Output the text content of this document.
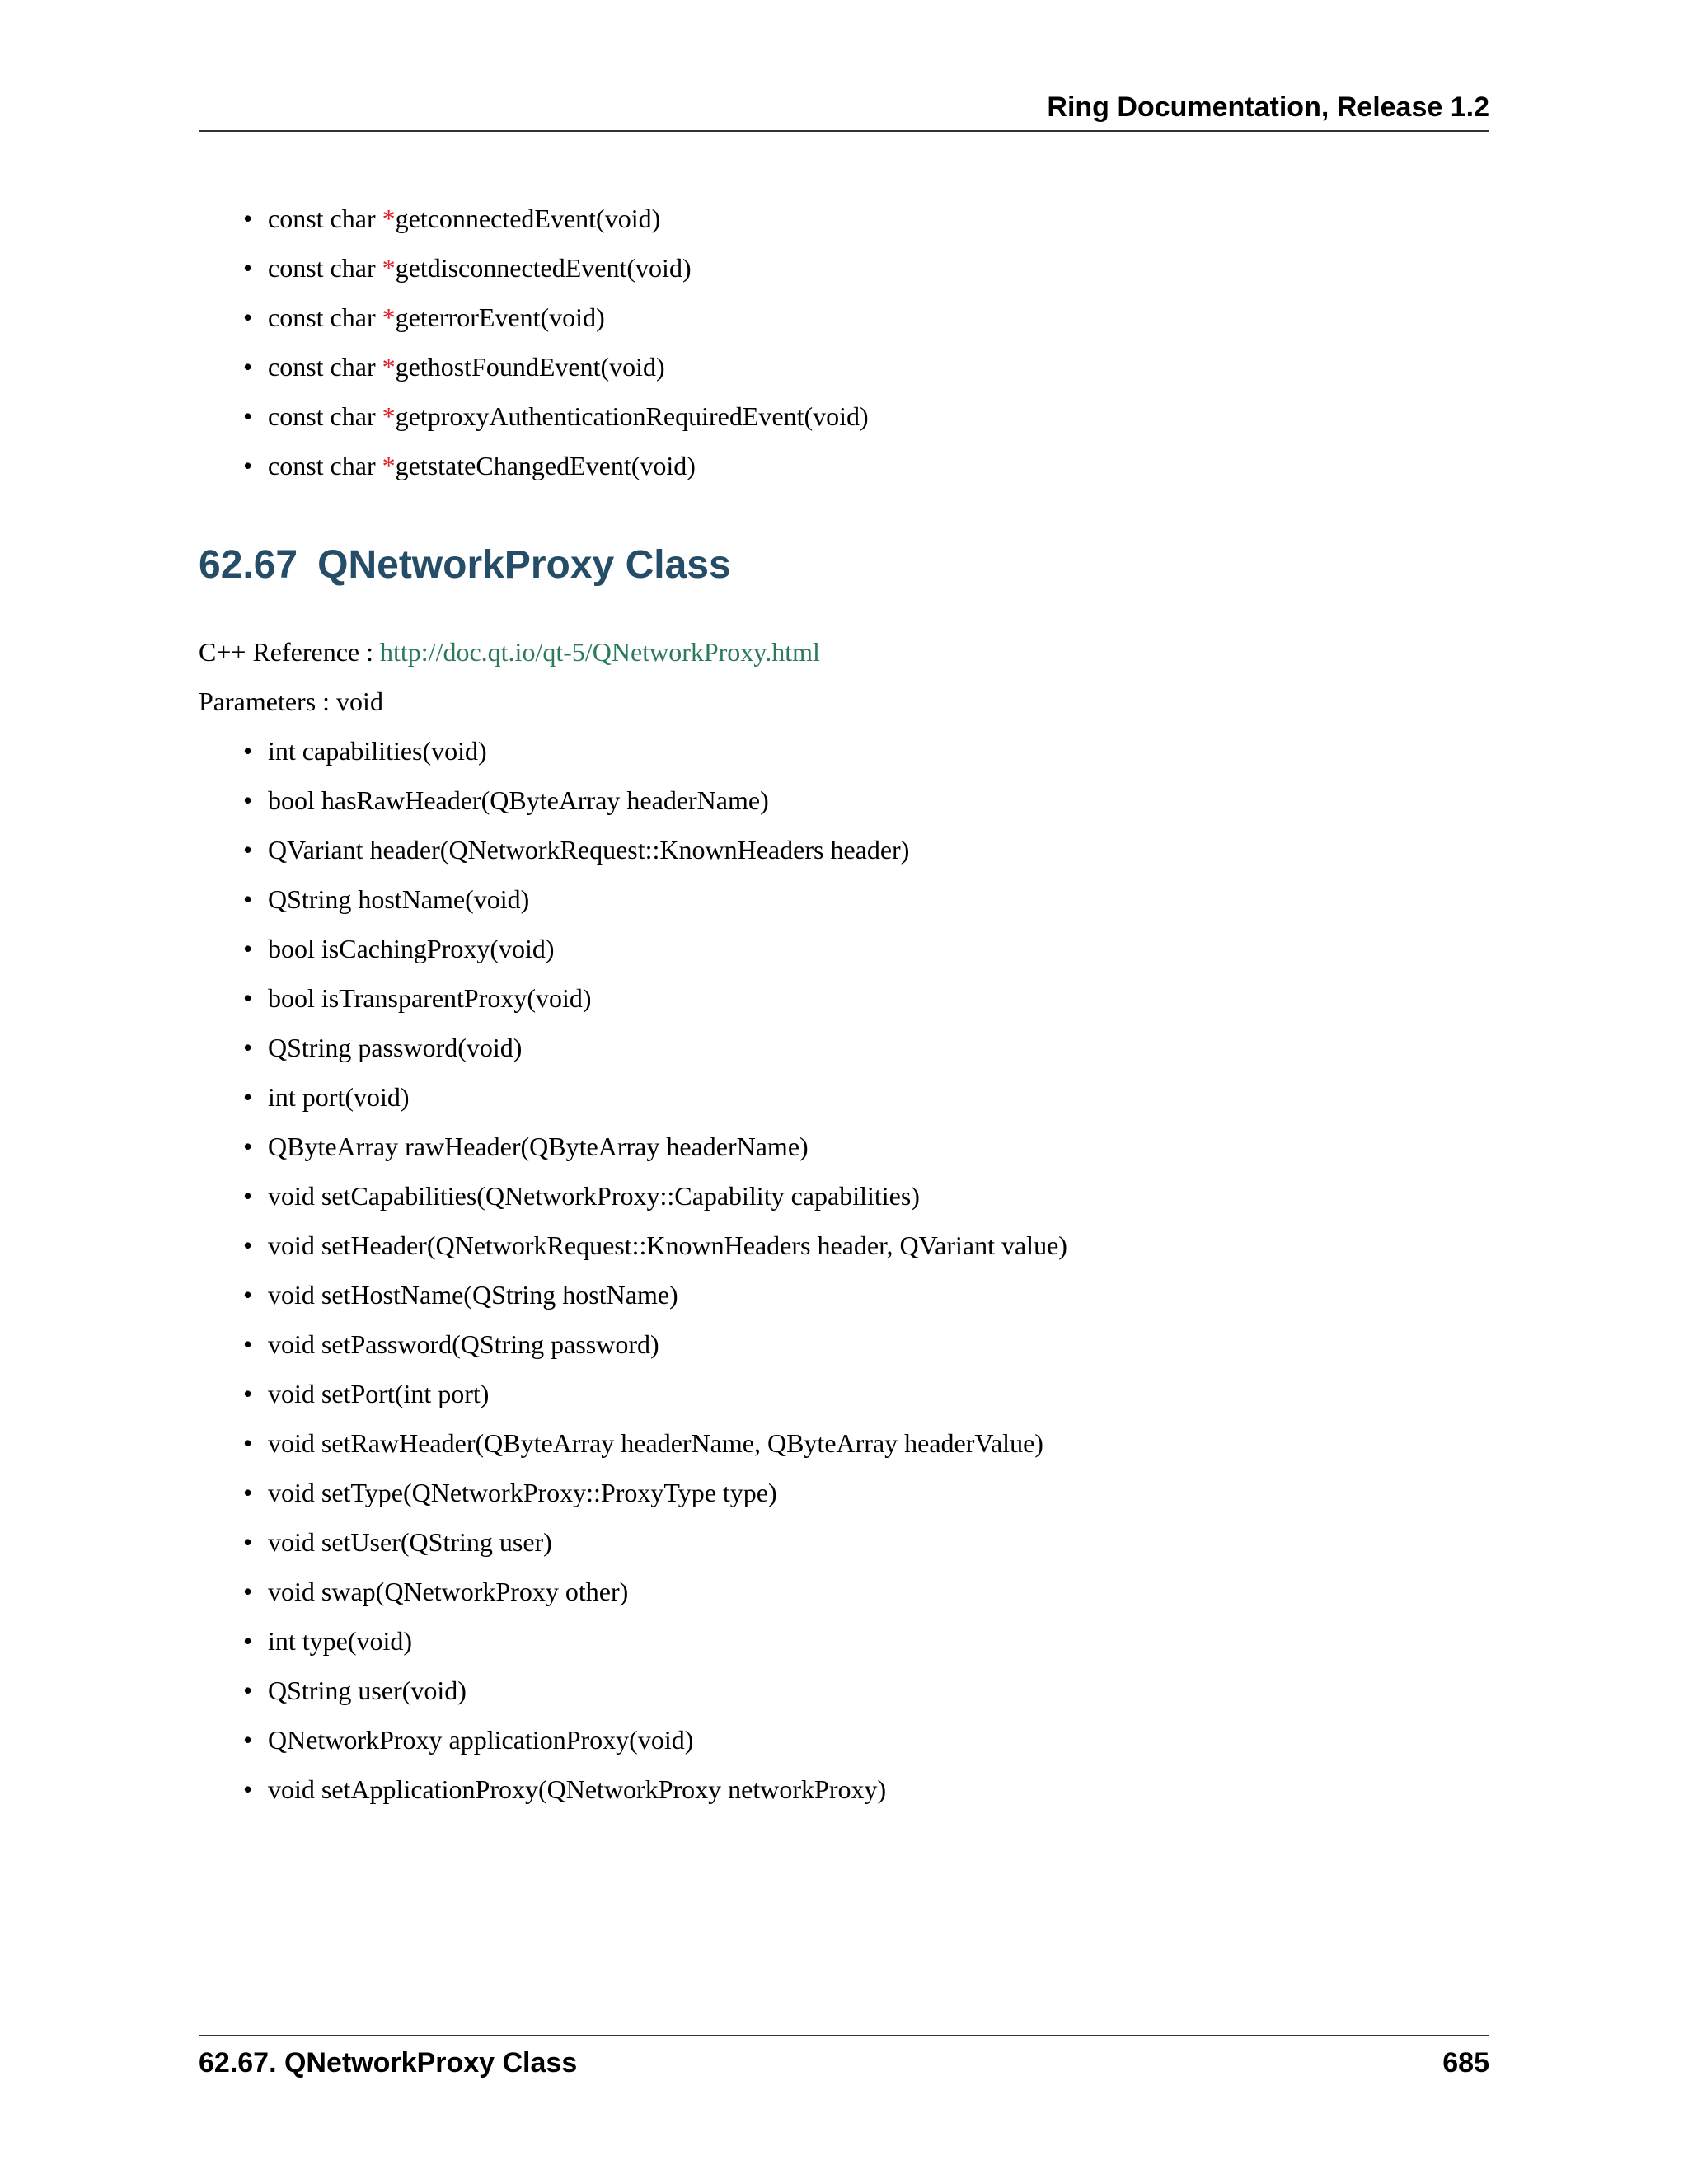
Ring Documentation, Release 1.2
• const char *getconnectedEvent(void)
• const char *getdisconnectedEvent(void)
• const char *geterrorEvent(void)
• const char *gethostFoundEvent(void)
• const char *getproxyAuthenticationRequiredEvent(void)
• const char *getstateChangedEvent(void)
62.67 QNetworkProxy Class
C++ Reference : http://doc.qt.io/qt-5/QNetworkProxy.html
Parameters : void
• int capabilities(void)
• bool hasRawHeader(QByteArray headerName)
• QVariant header(QNetworkRequest::KnownHeaders header)
• QString hostName(void)
• bool isCachingProxy(void)
• bool isTransparentProxy(void)
• QString password(void)
• int port(void)
• QByteArray rawHeader(QByteArray headerName)
• void setCapabilities(QNetworkProxy::Capability capabilities)
• void setHeader(QNetworkRequest::KnownHeaders header, QVariant value)
• void setHostName(QString hostName)
• void setPassword(QString password)
• void setPort(int port)
• void setRawHeader(QByteArray headerName, QByteArray headerValue)
• void setType(QNetworkProxy::ProxyType type)
• void setUser(QString user)
• void swap(QNetworkProxy other)
• int type(void)
• QString user(void)
• QNetworkProxy applicationProxy(void)
• void setApplicationProxy(QNetworkProxy networkProxy)
62.67. QNetworkProxy Class	685
